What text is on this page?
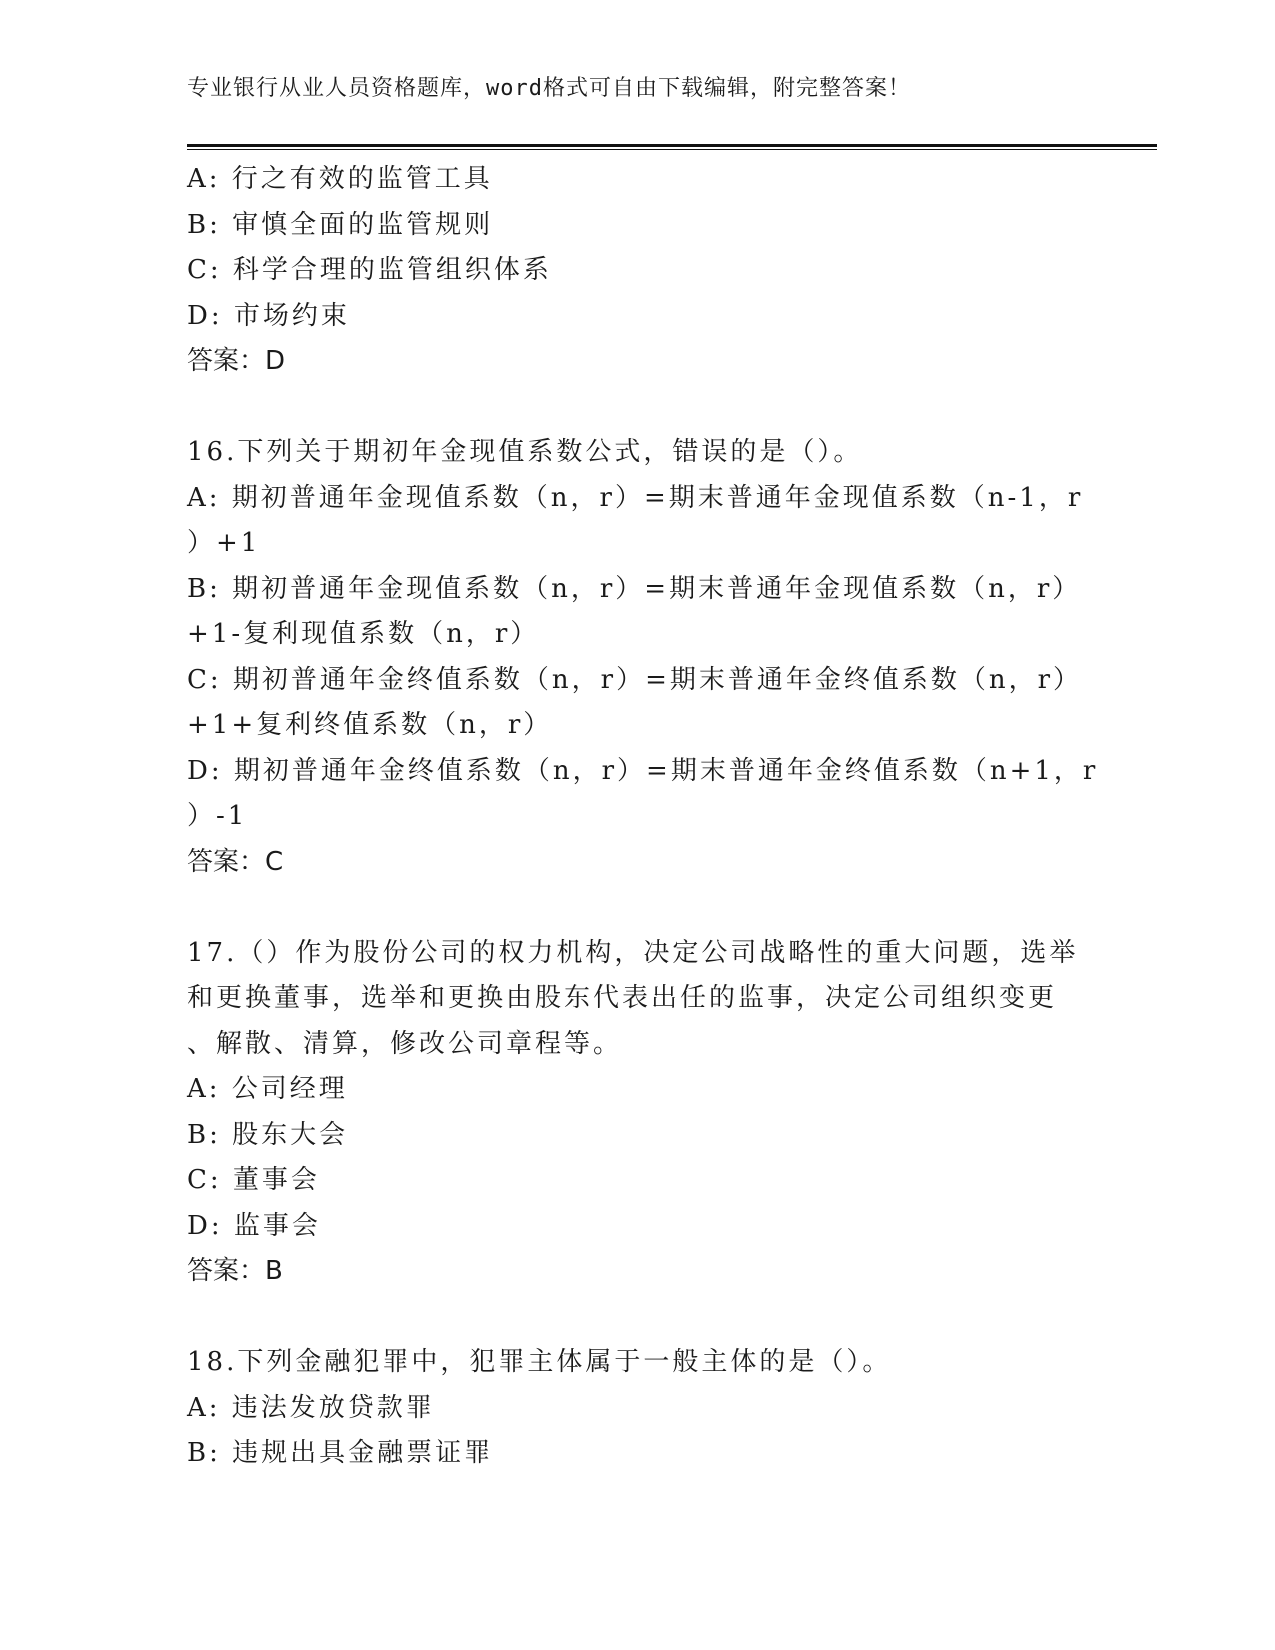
专业银行从业人员资格题库，word格式可自由下载编辑，附完整答案！
A: 行之有效的监管工具
B: 审慎全面的监管规则
C: 科学合理的监管组织体系
D: 市场约束
答案：D
16.下列关于期初年金现值系数公式，错误的是（）。
A: 期初普通年金现值系数（n，r）=期末普通年金现值系数（n-1，r
）+1
B: 期初普通年金现值系数（n，r）=期末普通年金现值系数（n，r）
+1-复利现值系数（n，r）
C: 期初普通年金终值系数（n，r）=期末普通年金终值系数（n，r）
+1+复利终值系数（n，r）
D: 期初普通年金终值系数（n，r）=期末普通年金终值系数（n+1，r
）-1
答案：C
17.（）作为股份公司的权力机构，决定公司战略性的重大问题，选举
和更换董事，选举和更换由股东代表出任的监事，决定公司组织变更
、解散、清算，修改公司章程等。
A: 公司经理
B: 股东大会
C: 董事会
D: 监事会
答案：B
18.下列金融犯罪中，犯罪主体属于一般主体的是（）。
A: 违法发放贷款罪
B: 违规出具金融票证罪
